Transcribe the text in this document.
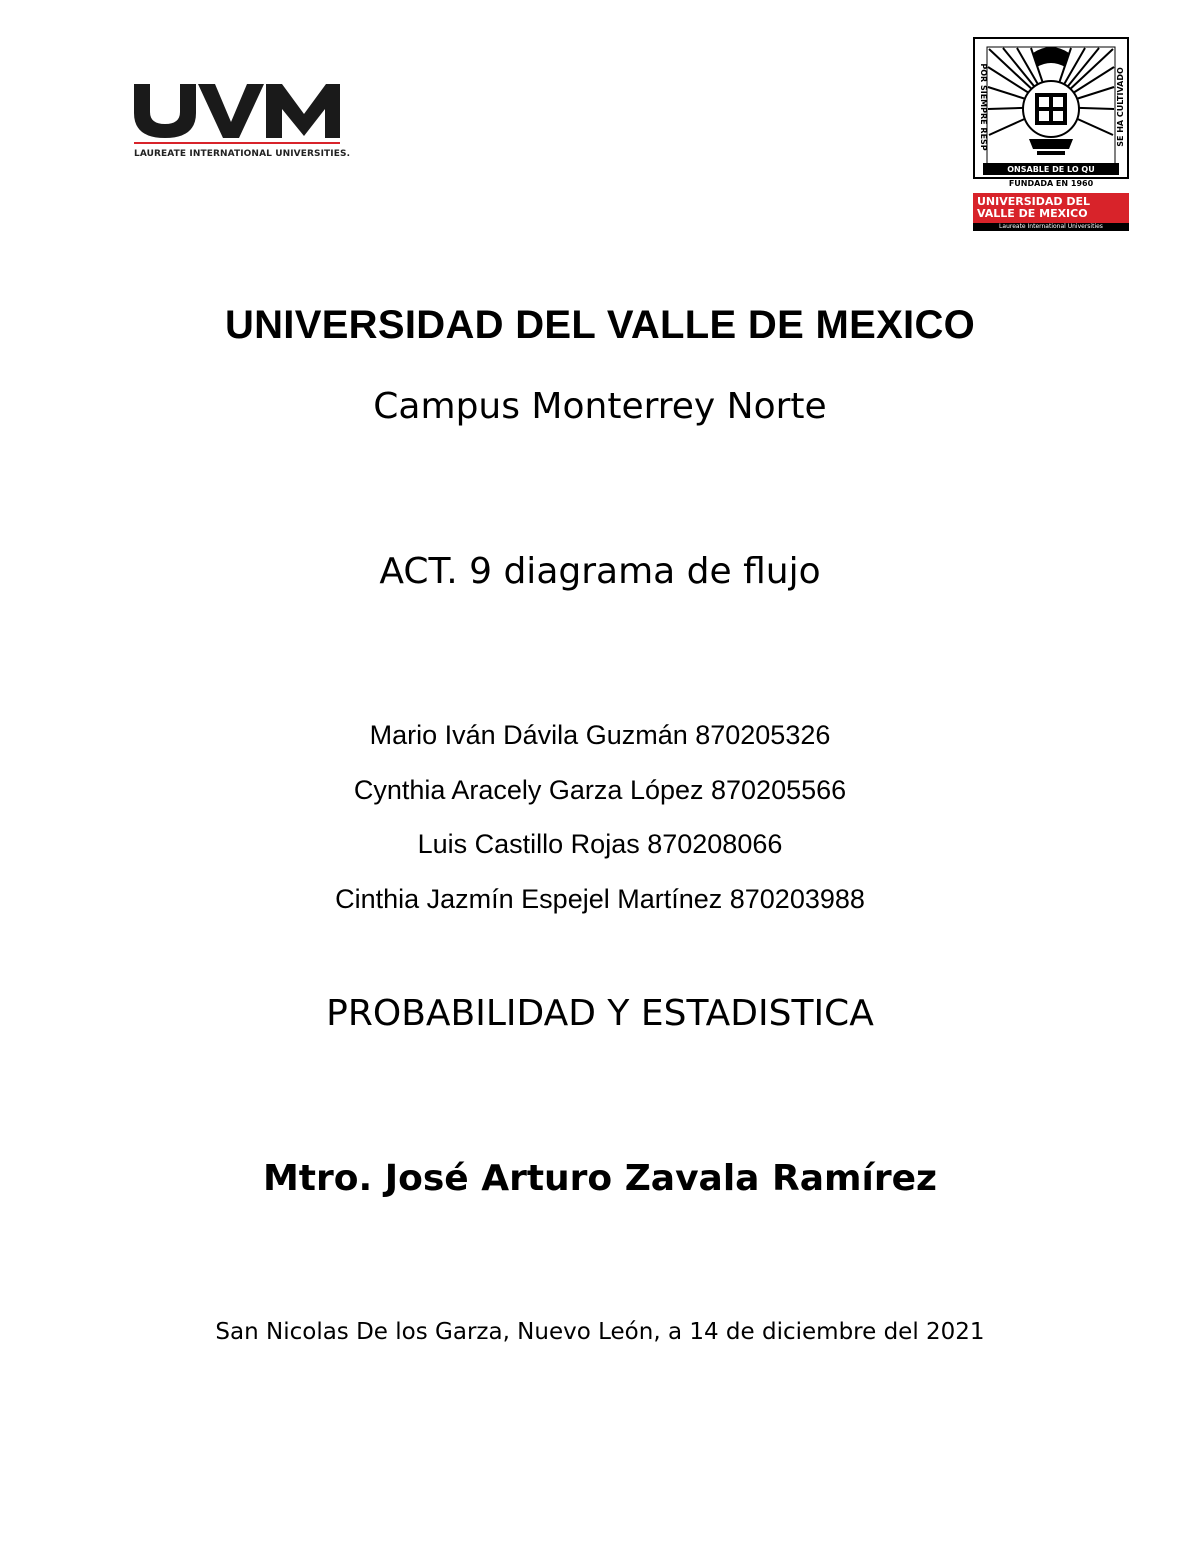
LAUREATE INTERNATIONAL UNIVERSITIES.
ONSABLE DE LO QU
POR SIEMPRE RESP	SE HA CULTIVADO
FUNDADA EN 1960
UNIVERSIDAD DEL
VALLE DE MEXICO
Laureate International Universities
UNIVERSIDAD DEL VALLE DE MEXICO
Campus Monterrey Norte
ACT. 9 diagrama de flujo
Mario Iván Dávila Guzmán 870205326
Cynthia Aracely Garza López 870205566
Luis Castillo Rojas 870208066
Cinthia Jazmín Espejel Martínez 870203988
PROBABILIDAD Y ESTADISTICA
Mtro. José Arturo Zavala Ramírez
San Nicolas De los Garza, Nuevo León, a 14 de diciembre del 2021
